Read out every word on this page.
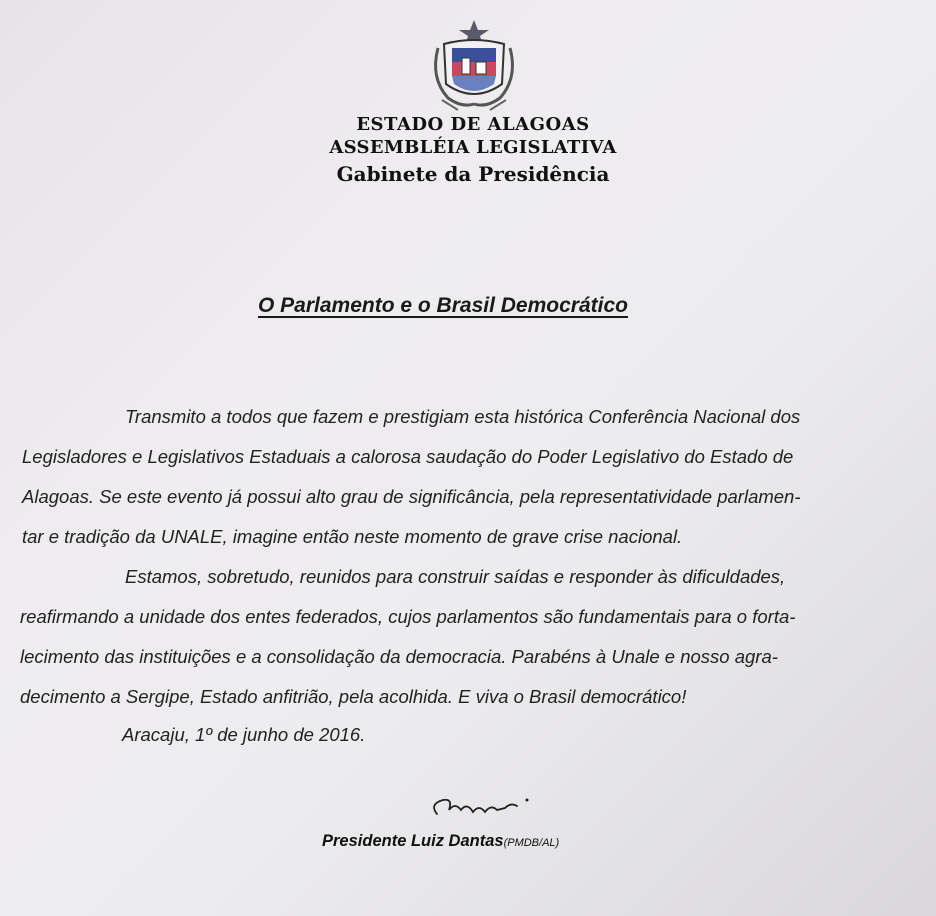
ESTADO DE ALAGOAS
ASSEMBLÉIA LEGISLATIVA
Gabinete da Presidência
O Parlamento e o Brasil Democrático
Transmito a todos que fazem e prestigiam esta histórica Conferência Nacional dos
Legisladores e Legislativos Estaduais a calorosa saudação do Poder Legislativo do Estado de
Alagoas. Se este evento já possui alto grau de significância, pela representatividade parlamen-
tar e tradição da UNALE, imagine então neste momento de grave crise nacional.
Estamos, sobretudo, reunidos para construir saídas e responder às dificuldades,
reafirmando a unidade dos entes federados, cujos parlamentos são fundamentais para o forta-
lecimento das instituições e a consolidação da democracia. Parabéns à Unale e nosso agra-
decimento a Sergipe, Estado anfitrião, pela acolhida. E viva o Brasil democrático!
Aracaju, 1º de junho de 2016.
Presidente Luiz Dantas(PMDB/AL)
